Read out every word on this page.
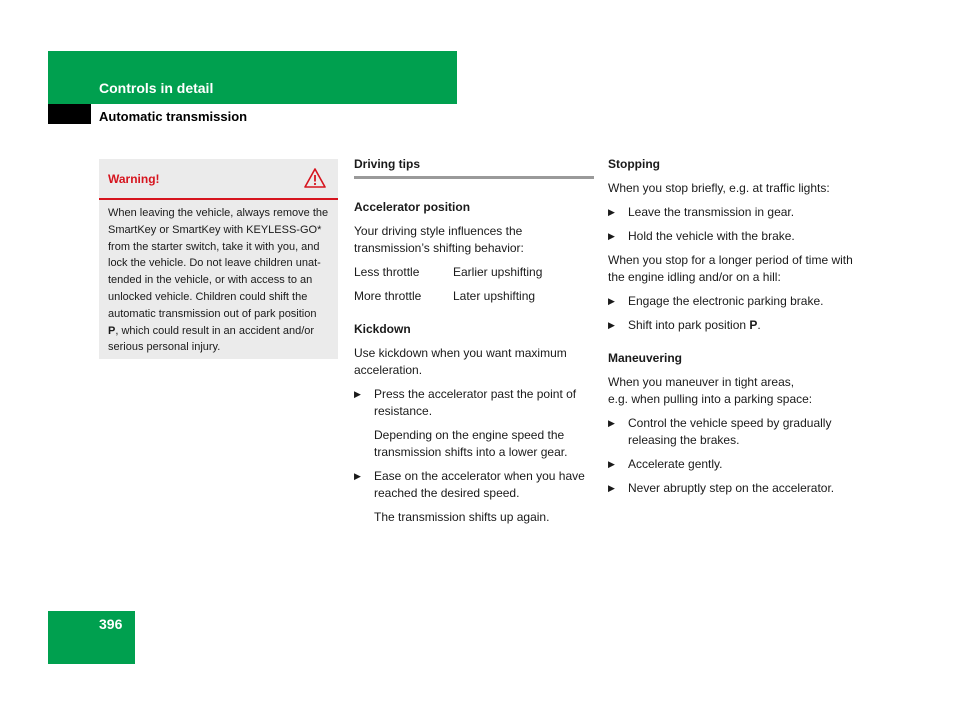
Controls in detail
Automatic transmission
Warning!
When leaving the vehicle, always remove the SmartKey or SmartKey with KEYLESS-GO* from the starter switch, take it with you, and lock the vehicle. Do not leave children unat-tended in the vehicle, or with access to an unlocked vehicle. Children could shift the automatic transmission out of park position P, which could result in an accident and/or serious personal injury.
Driving tips
Accelerator position

Your driving style influences the transmission’s shifting behavior:

Less throttle	Earlier upshifting
More throttle	Later upshifting
Kickdown

Use kickdown when you want maximum acceleration.

▶ Press the accelerator past the point of resistance.

Depending on the engine speed the transmission shifts into a lower gear.

▶ Ease on the accelerator when you have reached the desired speed.

The transmission shifts up again.

Stopping

When you stop briefly, e.g. at traffic lights:

▶ Leave the transmission in gear.
▶ Hold the vehicle with the brake.

When you stop for a longer period of time with the engine idling and/or on a hill:

▶ Engage the electronic parking brake.
▶ Shift into park position P.
Maneuvering

When you maneuver in tight areas,
e.g. when pulling into a parking space:

▶ Control the vehicle speed by gradually releasing the brakes.
▶ Accelerate gently.
▶ Never abruptly step on the accelerator.
396
